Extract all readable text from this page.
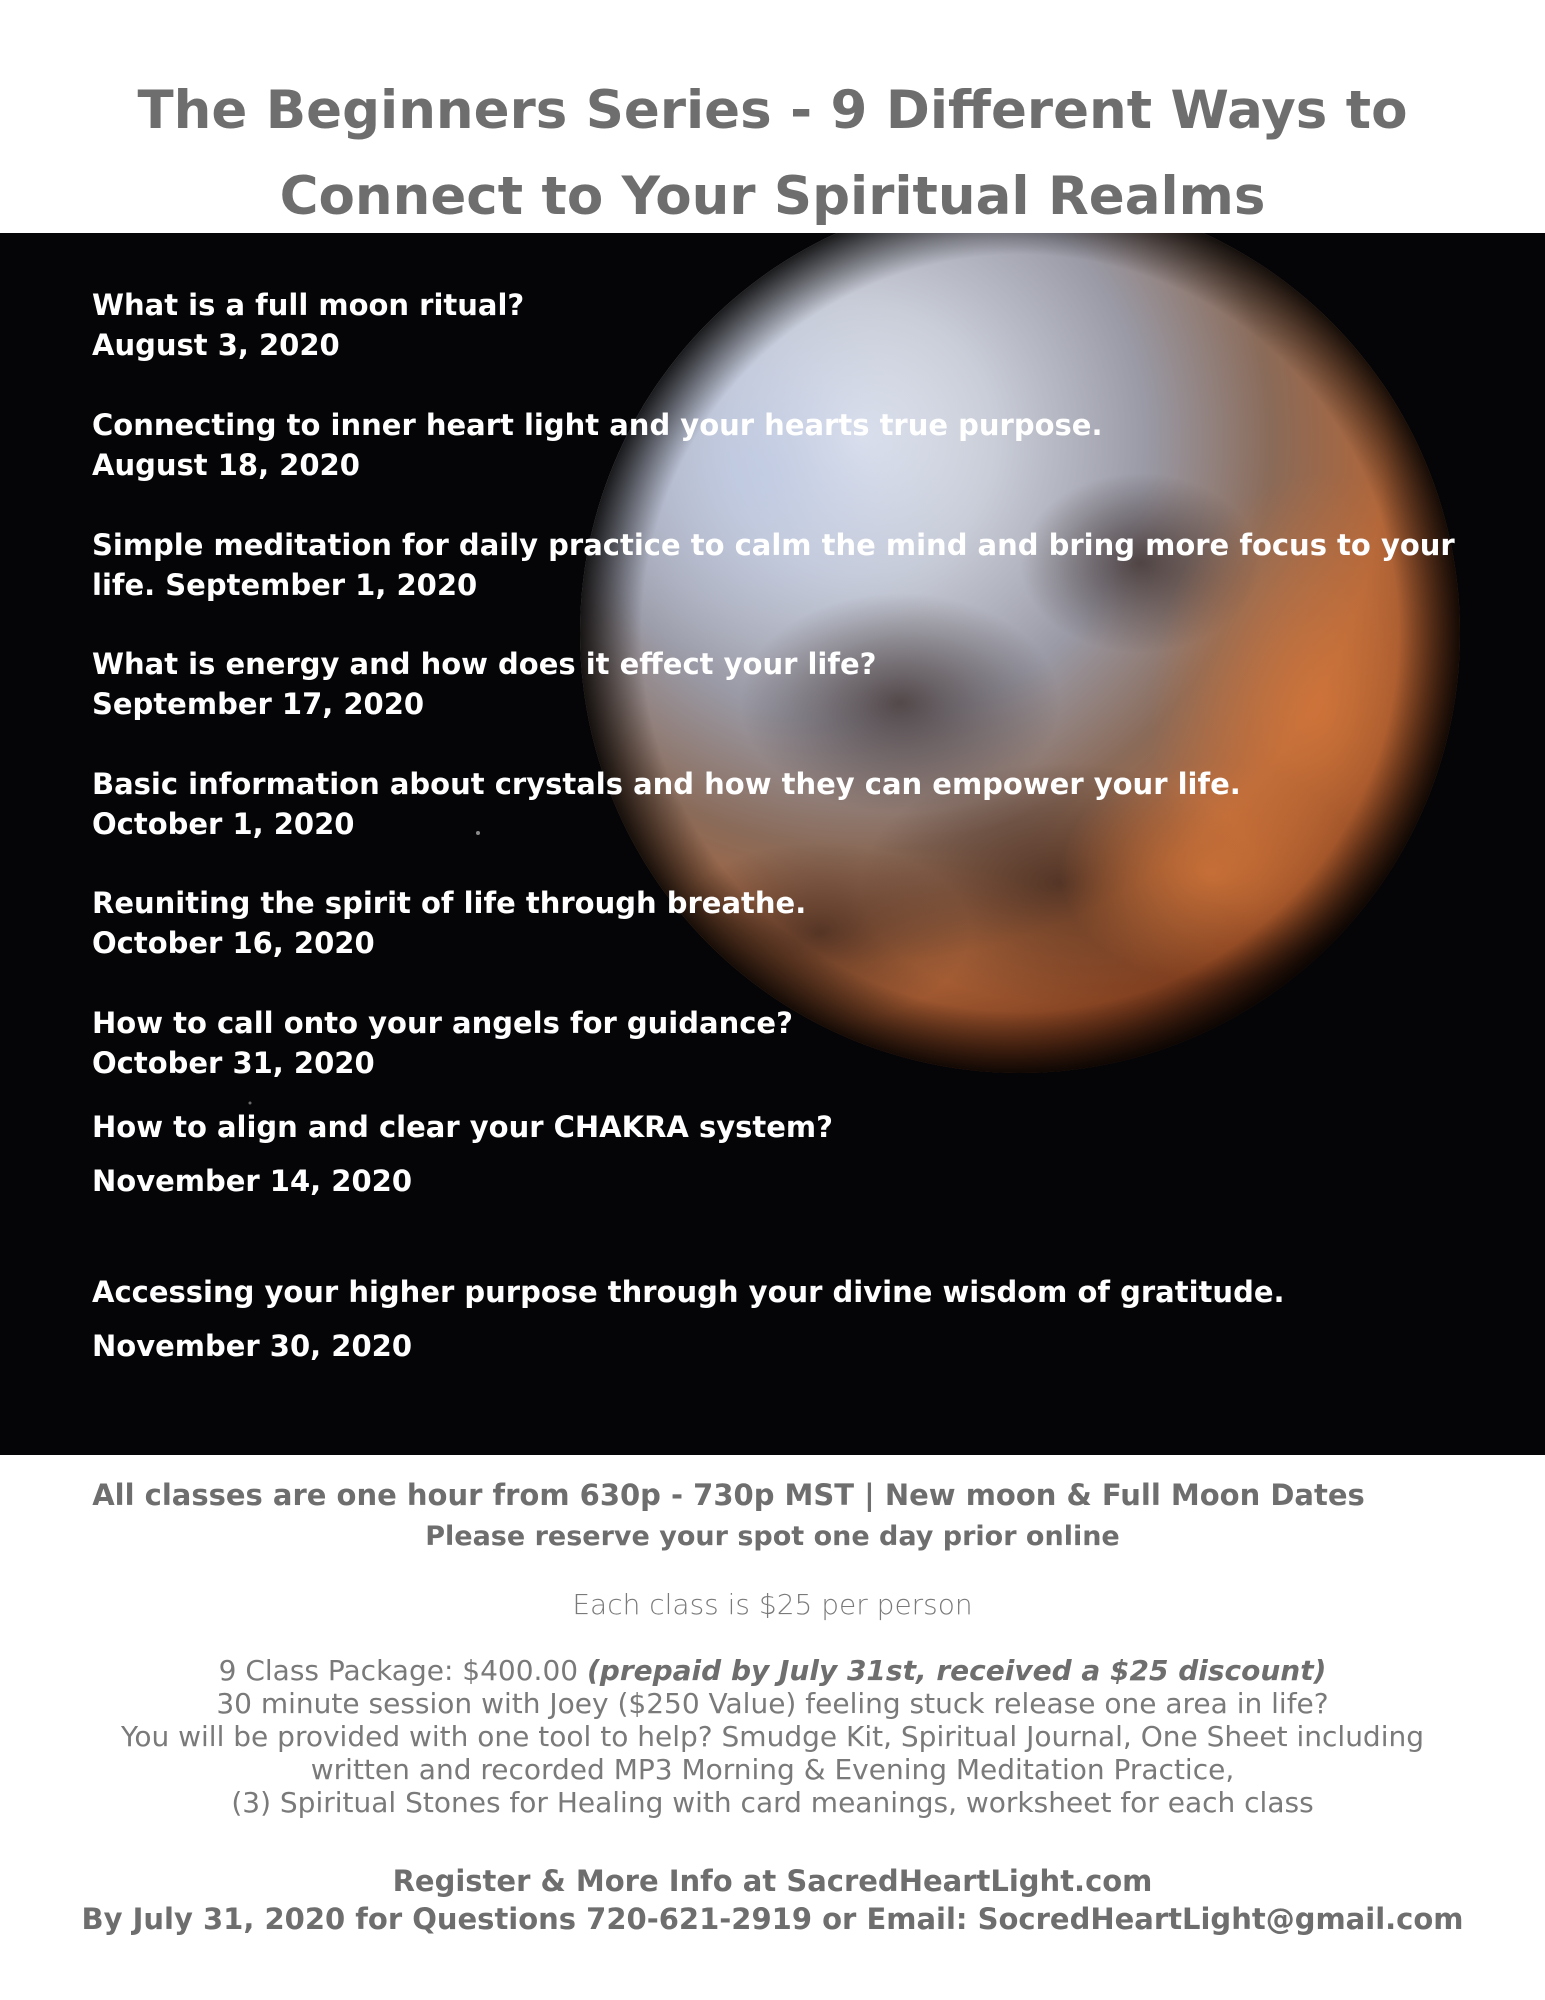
The Beginners Series - 9 Different Ways to
Connect to Your Spiritual Realms
What is a full moon ritual?
August 3, 2020
Connecting to inner heart light and your hearts true purpose.
August 18, 2020
Simple meditation for daily practice to calm the mind and bring more focus to your
life. September 1, 2020
What is energy and how does it effect your life?
September 17, 2020
Basic information about crystals and how they can empower your life.
October 1, 2020
Reuniting the spirit of life through breathe.
October 16, 2020
How to call onto your angels for guidance?
October 31, 2020
How to align and clear your CHAKRA system?
November 14, 2020
Accessing your higher purpose through your divine wisdom of gratitude.
November 30, 2020
All classes are one hour from 630p - 730p MST | New moon & Full Moon Dates
Please reserve your spot one day prior online
Each class is $25 per person
9 Class Package: $400.00 (prepaid by July 31st, received a $25 discount)
30 minute session with Joey ($250 Value) feeling stuck release one area in life?
You will be provided with one tool to help? Smudge Kit, Spiritual Journal, One Sheet including
written and recorded MP3 Morning & Evening Meditation Practice,
(3) Spiritual Stones for Healing with card meanings, worksheet for each class
Register & More Info at SacredHeartLight.com
By July 31, 2020 for Questions 720-621-2919 or Email: SocredHeartLight@gmail.com
